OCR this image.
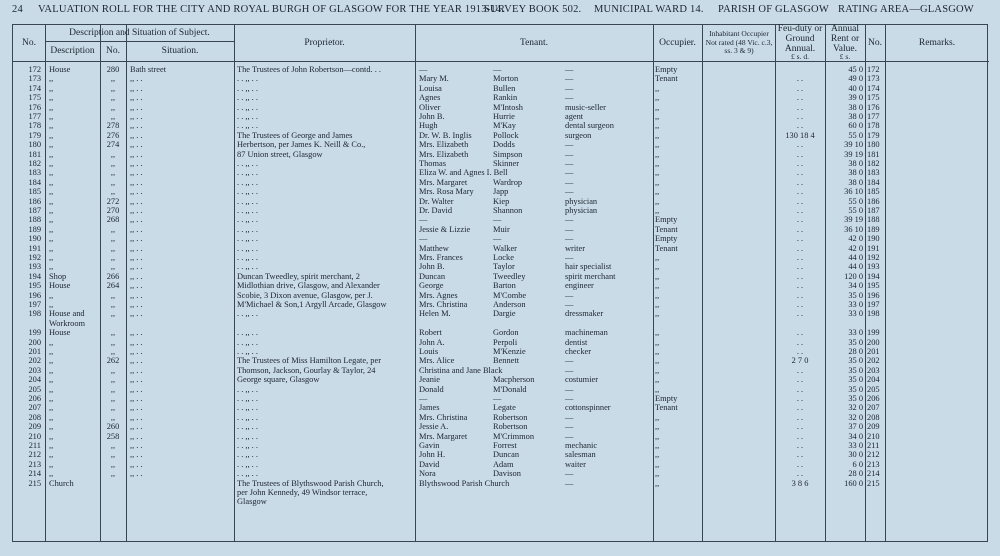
24 VALUATION ROLL FOR THE CITY AND ROYAL BURGH OF GLASGOW FOR THE YEAR 1913-14.
SURVEY BOOK 502. MUNICIPAL WARD 14. PARISH OF GLASGOW RATING AREA—GLASGOW
No.
Description and Situation of Subject.
Description	No.	Situation.
Proprietor.	Tenant.	Occupier.
Inhabitant Occupier Not rated (48 Vic. c.3, ss. 3 & 9)
Feu-duty or Ground Annual.
£ s. d.
Annual Rent or Value.
£ s.
No.	Remarks.
172 House	280	Bath street	The Trustees of John Robertson—contd. . .	—	—	—	Empty	45 0 172
173 ,,	,,	,, . .	. . ,, . .	Mary M.	Morton	—	Tenant	. .	49 0 173
174 ,,	,,	,, . .	. . ,, . .	Louisa	Bullen	—	,,	. .	40 0 174
175 ,,	,,	,, . .	. . ,, . .	Agnes	Rankin	—	,,	. .	39 0 175
176 ,,	,,	,, . .	. . ,, . .	Oliver	M'Intosh	music-seller	,,	. .	38 0 176
177 ,,	,,	,, . .	. . ,, . .	John B.	Hurrie	agent	,,	. .	38 0 177
178 ,,	278	,, . .	. . ,, . .	Hugh	M'Kay	dental surgeon	,,	. .	60 0 178
179 ,,	276	,, . .	The Trustees of George and James	Dr. W. B. Inglis	Pollock	surgeon	,,	130 18 4	55 0 179
180 ,,	274	,, . .	Herbertson, per James K. Neill & Co.,	Mrs. Elizabeth	Dodds	—	,,	. .	39 10 180
181 ,,	,,	,, . .	87 Union street, Glasgow	Mrs. Elizabeth	Simpson	—	,,	. .	39 19 181
182 ,,	,,	,, . .	. . ,, . .	Thomas	Skinner	—	,,	. .	38 0 182
183 ,,	,,	,, . .	. . ,, . .	Eliza W. and Agnes I. Bell	—	,,	. .	38 0 183
184 ,,	,,	,, . .	. . ,, . .	Mrs. Margaret	Wardrop	—	,,	. .	38 0 184
185 ,,	,,	,, . .	. . ,, . .	Mrs. Rosa Mary	Japp	—	,,	. .	36 10 185
186 ,,	272	,, . .	. . ,, . .	Dr. Walter	Kiep	physician	,,	. .	55 0 186
187 ,,	270	,, . .	. . ,, . .	Dr. David	Shannon	physician	,,	. .	55 0 187
188 ,,	268	,, . .	. . ,, . .	—	—	—	Empty	. .	39 19 188
189 ,,	,,	,, . .	. . ,, . .	Jessie & Lizzie	Muir	—	Tenant	. .	36 10 189
190 ,,	,,	,, . .	. . ,, . .	—	—	—	Empty	. .	42 0 190
191 ,,	,,	,, . .	. . ,, . .	Matthew	Walker	writer	Tenant	. .	42 0 191
192 ,,	,,	,, . .	. . ,, . .	Mrs. Frances	Locke	—	,,	. .	44 0 192
193 ,,	,,	,, . .	. . ,, . .	John B.	Taylor	hair specialist	,,	. .	44 0 193
194 Shop	266	,, . .	Duncan Tweedley, spirit merchant, 2	Duncan	Tweedley	spirit merchant	,,	. .	120 0 194
195 House	264	,, . .	Midlothian drive, Glasgow, and Alexander	George	Barton	engineer	,,	. .	34 0 195
196 ,,	,,	,, . .	Scobie, 3 Dixon avenue, Glasgow, per J.	Mrs. Agnes	M'Combe	—	,,	. .	35 0 196
197 ,,	,,	,, . .	M'Michael & Son,1 Argyll Arcade, Glasgow	Mrs. Christina	Anderson	—	,,	. .	33 0 197
198 House and	,,	,, . .	. . ,, . .	Helen M.	Dargie	dressmaker	,,	. .	33 0 198
Workroom
199 House	,,	,, . .	. . ,, . .	Robert	Gordon	machineman	,,	. .	33 0 199
200 ,,	,,	,, . .	. . ,, . .	John A.	Perpoli	dentist	,,	. .	35 0 200
201 ,,	,,	,, . .	. . ,, . .	Louis	M'Kenzie	checker	,,	. .	28 0 201
202 ,,	262	,, . .	The Trustees of Miss Hamilton Legate, per	Mrs. Alice	Bennett	—	,,	2 7 0	35 0 202
203 ,,	,,	,, . .	Thomson, Jackson, Gourlay & Taylor, 24	Christina and Jane Black	—	,,	. .	35 0 203
204 ,,	,,	,, . .	George square, Glasgow	Jeanie	Macpherson	costumier	,,	. .	35 0 204
205 ,,	,,	,, . .	. . ,, . .	Donald	M'Donald	—	,,	. .	35 0 205
206 ,,	,,	,, . .	. . ,, . .	—	—	—	Empty	. .	35 0 206
207 ,,	,,	,, . .	. . ,, . .	James	Legate	cottonspinner	Tenant	. .	32 0 207
208 ,,	,,	,, . .	. . ,, . .	Mrs. Christina	Robertson	—	,,	. .	32 0 208
209 ,,	260	,, . .	. . ,, . .	Jessie A.	Robertson	—	,,	. .	37 0 209
210 ,,	258	,, . .	. . ,, . .	Mrs. Margaret	M'Crimmon	—	,,	. .	34 0 210
211 ,,	,,	,, . .	. . ,, . .	Gavin	Forrest	mechanic	,,	. .	33 0 211
212 ,,	,,	,, . .	. . ,, . .	John H.	Duncan	salesman	,,	. .	30 0 212
213 ,,	,,	,, . .	. . ,, . .	David	Adam	waiter	,,	. .	6 0 213
214 ,,	,,	,, . .	. . ,, . .	Nora	Davison	—	,,	. .	28 0 214
215 Church	The Trustees of Blythswood Parish Church,	Blythswood Parish Church	—	,,	3 8 6	160 0 215
per John Kennedy, 49 Windsor terrace,
Glasgow
